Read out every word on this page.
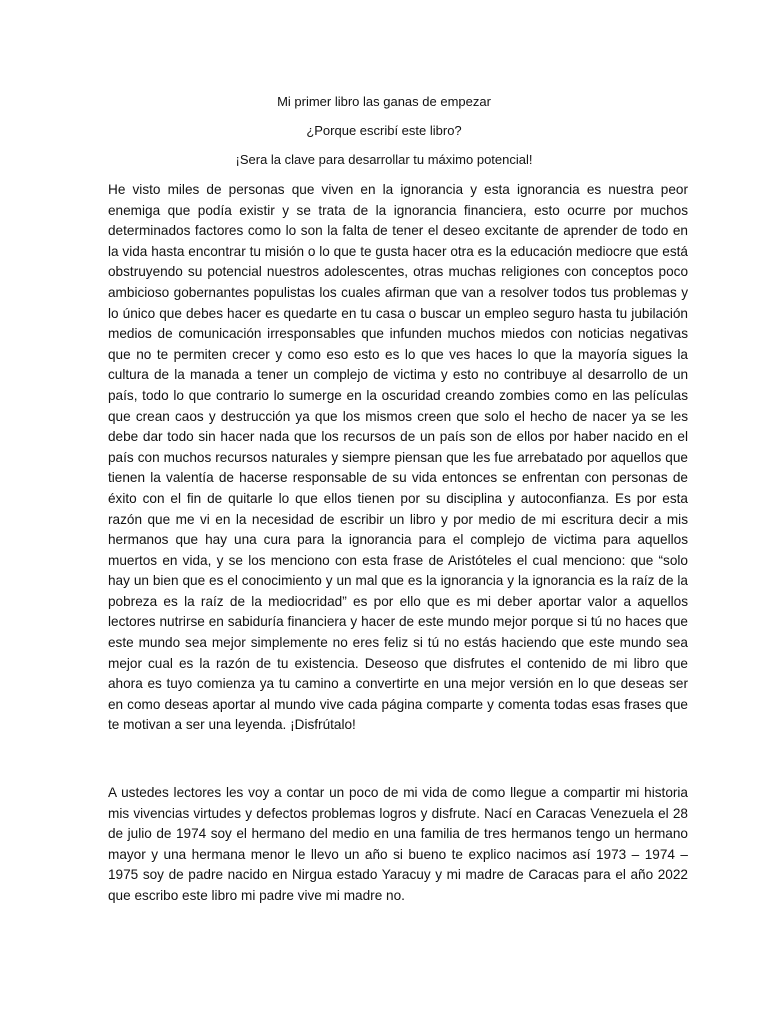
Mi primer libro las ganas de empezar
¿Porque escribí este libro?
¡Sera la clave para desarrollar tu máximo potencial!

He visto miles de personas que viven en la ignorancia y esta ignorancia es nuestra peor enemiga que podía existir y se trata de la ignorancia financiera, esto ocurre por muchos determinados factores como lo son la falta de tener el deseo excitante de aprender de todo en la vida hasta encontrar tu misión o lo que te gusta hacer otra es la educación mediocre que está obstruyendo su potencial nuestros adolescentes, otras muchas religiones con conceptos poco ambicioso gobernantes populistas los cuales afirman que van a resolver todos tus problemas y lo único que debes hacer es quedarte en tu casa o buscar un empleo seguro hasta tu jubilación medios de comunicación irresponsables que infunden muchos miedos con noticias negativas que no te permiten crecer y como eso esto es lo que ves haces lo que la mayoría sigues la cultura de la manada a tener un complejo de victima y esto no contribuye al desarrollo de un país, todo lo que contrario lo sumerge en la oscuridad creando zombies como en las películas que crean caos y destrucción ya que los mismos creen que solo el hecho de nacer ya se les debe dar todo sin hacer nada que los recursos de un país son de ellos por haber nacido en el país con muchos recursos naturales y siempre piensan que les fue arrebatado por aquellos que tienen la valentía de hacerse responsable de su vida entonces se enfrentan con personas de éxito con el fin de quitarle lo que ellos tienen por su disciplina y autoconfianza. Es por esta razón que me vi en la necesidad de escribir un libro y por medio de mi escritura decir a mis hermanos que hay una cura para la ignorancia para el complejo de victima para aquellos muertos en vida, y se los menciono con esta frase de Aristóteles el cual menciono: que “solo hay un bien que es el conocimiento y un mal que es la ignorancia y la ignorancia es la raíz de la pobreza es la raíz de la mediocridad” es por ello que es mi deber aportar valor a aquellos lectores nutrirse en sabiduría financiera y hacer de este mundo mejor porque si tú no haces que este mundo sea mejor simplemente no eres feliz si tú no estás haciendo que este mundo sea mejor cual es la razón de tu existencia. Deseoso que disfrutes el contenido de mi libro que ahora es tuyo comienza ya tu camino a convertirte en una mejor versión en lo que deseas ser en como deseas aportar al mundo vive cada página comparte y comenta todas esas frases que te motivan a ser una leyenda. ¡Disfrútalo!

A ustedes lectores les voy a contar un poco de mi vida de como llegue a compartir mi historia mis vivencias virtudes y defectos problemas logros y disfrute. Nací en Caracas Venezuela el 28 de julio de 1974 soy el hermano del medio en una familia de tres hermanos tengo un hermano mayor y una hermana menor le llevo un año si bueno te explico nacimos así 1973 – 1974 – 1975 soy de padre nacido en Nirgua estado Yaracuy y mi madre de Caracas para el año 2022 que escribo este libro mi padre vive mi madre no.
